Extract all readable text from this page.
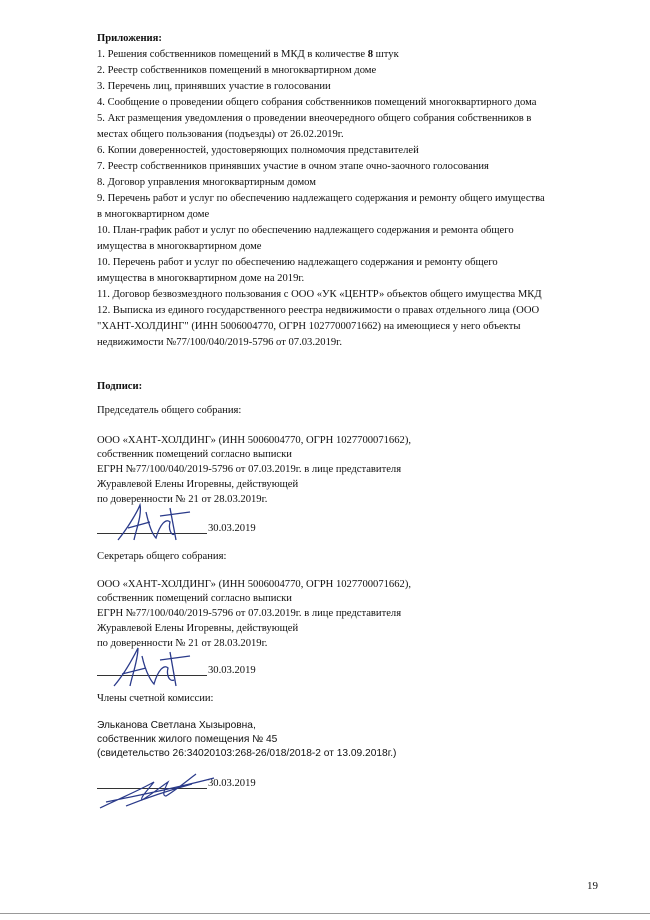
Приложения:
1. Решения собственников помещений в МКД в количестве 8 штук
2. Реестр собственников помещений в многоквартирном доме
3. Перечень лиц, принявших участие в голосовании
4. Сообщение о проведении общего собрания собственников помещений многоквартирного дома
5. Акт размещения уведомления о проведении внеочередного общего собрания собственников в
местах общего пользования (подъезды) от 26.02.2019г.
6. Копии доверенностей, удостоверяющих полномочия представителей
7. Реестр собственников принявших участие в очном этапе очно-заочного голосования
8. Договор управления многоквартирным домом
9. Перечень работ и услуг по обеспечению надлежащего содержания и ремонту общего имущества
в многоквартирном доме
10. План-график работ и услуг по обеспечению надлежащего содержания и ремонта общего
имущества в многоквартирном доме
10. Перечень работ и услуг по обеспечению надлежащего содержания и ремонту общего
имущества в многоквартирном доме на 2019г.
11. Договор безвозмездного пользования с ООО «УК «ЦЕНТР» объектов общего имущества МКД
12. Выписка из единого государственного реестра недвижимости о правах отдельного лица (ООО
"ХАНТ-ХОЛДИНГ" (ИНН 5006004770, ОГРН 1027700071662) на имеющиеся у него объекты
недвижимости №77/100/040/2019-5796 от 07.03.2019г.
Подписи:
Председатель общего собрания:
ООО «ХАНТ-ХОЛДИНГ» (ИНН 5006004770, ОГРН 1027700071662),
собственник помещений согласно выписки
ЕГРН №77/100/040/2019-5796 от 07.03.2019г. в лице представителя
Журавлевой Елены Игоревны, действующей
по доверенности № 21 от 28.03.2019г.
30.03.2019
Секретарь общего собрания:
ООО «ХАНТ-ХОЛДИНГ» (ИНН 5006004770, ОГРН 1027700071662),
собственник помещений согласно выписки
ЕГРН №77/100/040/2019-5796 от 07.03.2019г. в лице представителя
Журавлевой Елены Игоревны, действующей
по доверенности № 21 от 28.03.2019г.
30.03.2019
Члены счетной комиссии:
Эльканова Светлана Хызыровна,
собственник жилого помещения № 45
(свидетельство 26:34020103:268-26/018/2018-2 от 13.09.2018г.)
30.03.2019
19
